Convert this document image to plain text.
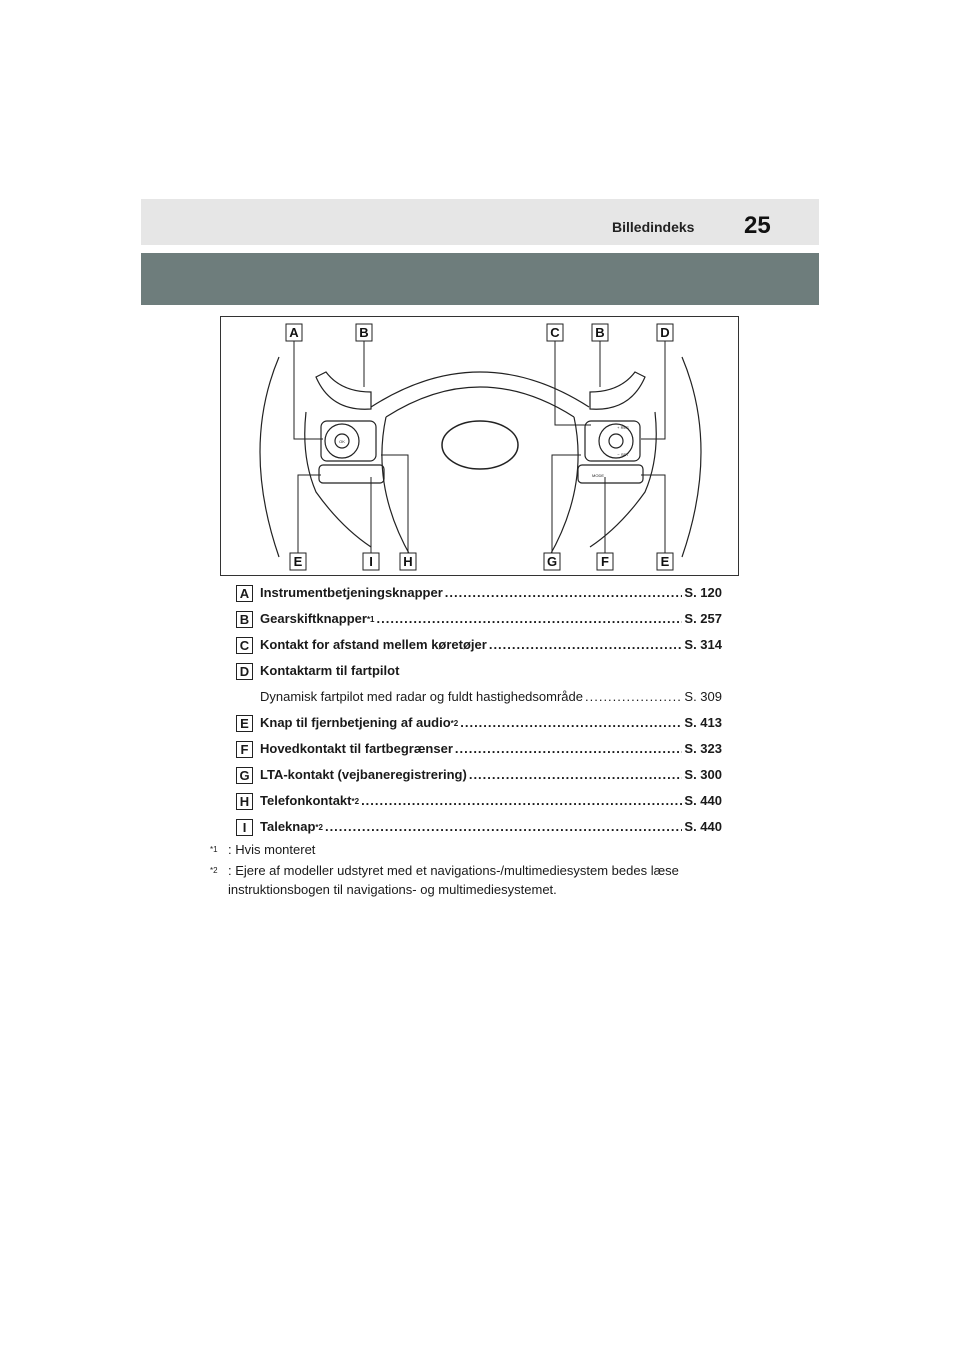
Billedindeks 25
OK
+ RES
− SET
MODE
A	B	C	B	D
E	I H	G	F	E
A Instrumentbetjeningsknapper .....	S. 120
B Gearskiftknapper$^{*1}$ .....	S. 257
C Kontakt for afstand mellem køretøjer .....	S. 314
D Kontaktarm til fartpilot
Dynamisk fartpilot med radar og fuldt hastighedsområde .....	S. 309
E Knap til fjernbetjening af audio$^{*2}$ .....	S. 413
F Hovedkontakt til fartbegrænser .....	S. 323
G LTA-kontakt (vejbaneregistrering) .....	S. 300
H Telefonkontakt$^{*2}$ .....	S. 440
I	Taleknap$^{*2}$ .....	S. 440
$^{*1}$ : Hvis monteret
$^{*2}$ : Ejere af modeller udstyret med et navigations-/multimediesystem bedes læse instruktionsbogen til navigations- og multimediesystemet.
